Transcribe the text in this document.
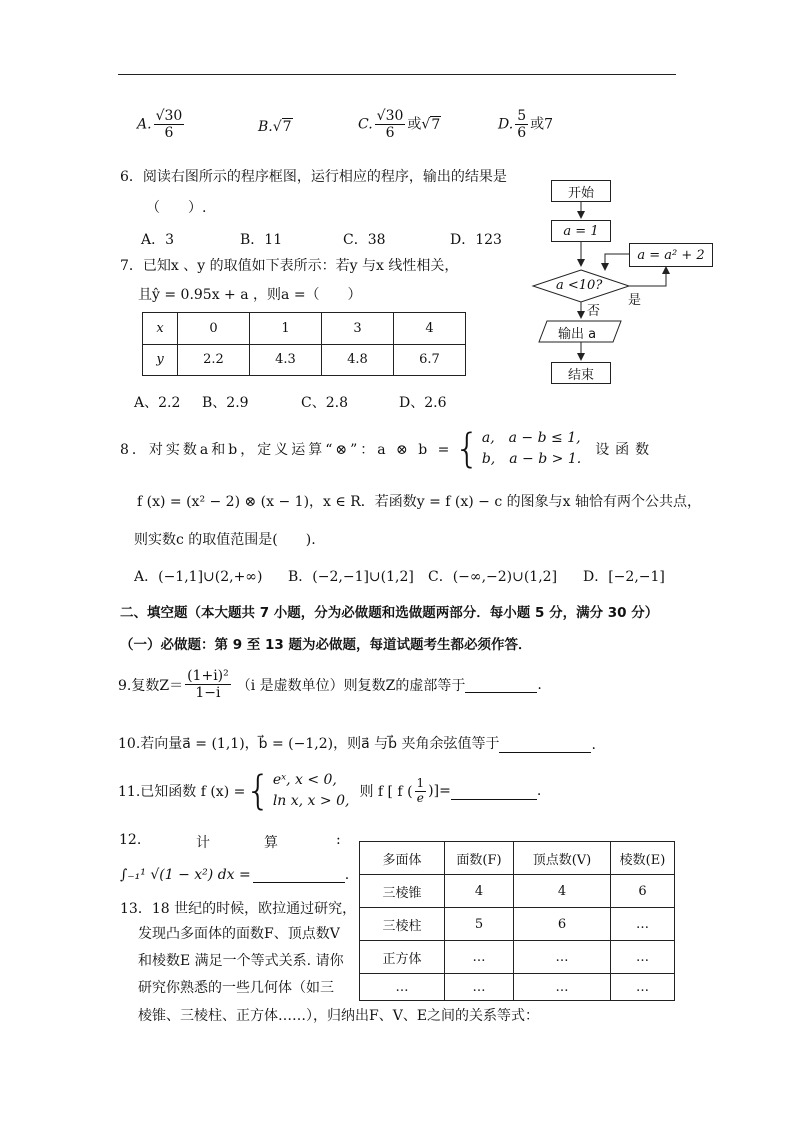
A. $\frac{√30}{6}$	B.√7	C. $\frac{√30}{6}$ 或√7	D. $\frac{5}{6}$ 或7
6．阅读右图所示的程序框图，运行相应的程序，输出的结果是
（　　）.
A．3	B．11	C．38	D．123
开始
a = 1
a = a² + 2
a <10?
否
是
输出 a
结束
7．已知x 、y 的取值如下表所示：若y 与x 线性相关，
且ŷ = 0.95x + a ，则a =（　　）
x	0	1	3	4
y	2.2	4.3	4.8	6.7
A、2.2 B、2.9	C、2.8	D、2.6
8．对实数a和b，定义运算“⊗”：a ⊗ b = { a,　a − b ≤ 1,
b,　a − b > 1.
设函数
f (x) = (x² − 2) ⊗ (x − 1)，x ∈ R．若函数y = f (x) − c 的图象与x 轴恰有两个公共点，
则实数c 的取值范围是(　　).
A．(−1,1]∪(2,+∞) B．(−2,−1]∪(1,2] C．(−∞,−2)∪(1,2] D．[−2,−1]
二、填空题（本大题共 7 小题，分为必做题和选做题两部分．每小题 5 分，满分 30 分）
（一）必做题：第 9 至 13 题为必做题，每道试题考生都必须作答．
9.复数$Z= \frac{\text{(1+i)²}}{1-i} (i$ 是虚数单位）则复数Z的虚部等于	.
10.若向量a⃗ = (1,1)，b⃗ = (−1,2)，则a⃗ 与b⃗ 夹角余弦值等于	.
11.已知函数 f (x) = { eˣ, x < 0,
ln x, x > 0,
则 f [ f ( $\frac{1}{e}$ )]=	.
12.	计	算	:
∫₋₁¹ √(1 − x²) dx =	.
13．18 世纪的时候，欧拉通过研究，
发现凸多面体的面数F、顶点数V
和棱数E 满足一个等式关系. 请你
研究你熟悉的一些几何体（如三
棱锥、三棱柱、正方体……），归纳出F、V、E之间的关系等式：
多面体	面数(F)	顶点数(V)	棱数(E)
三棱锥	4	4	6
三棱柱	5	6	…
正方体	…	…	…
…	…	…	…
